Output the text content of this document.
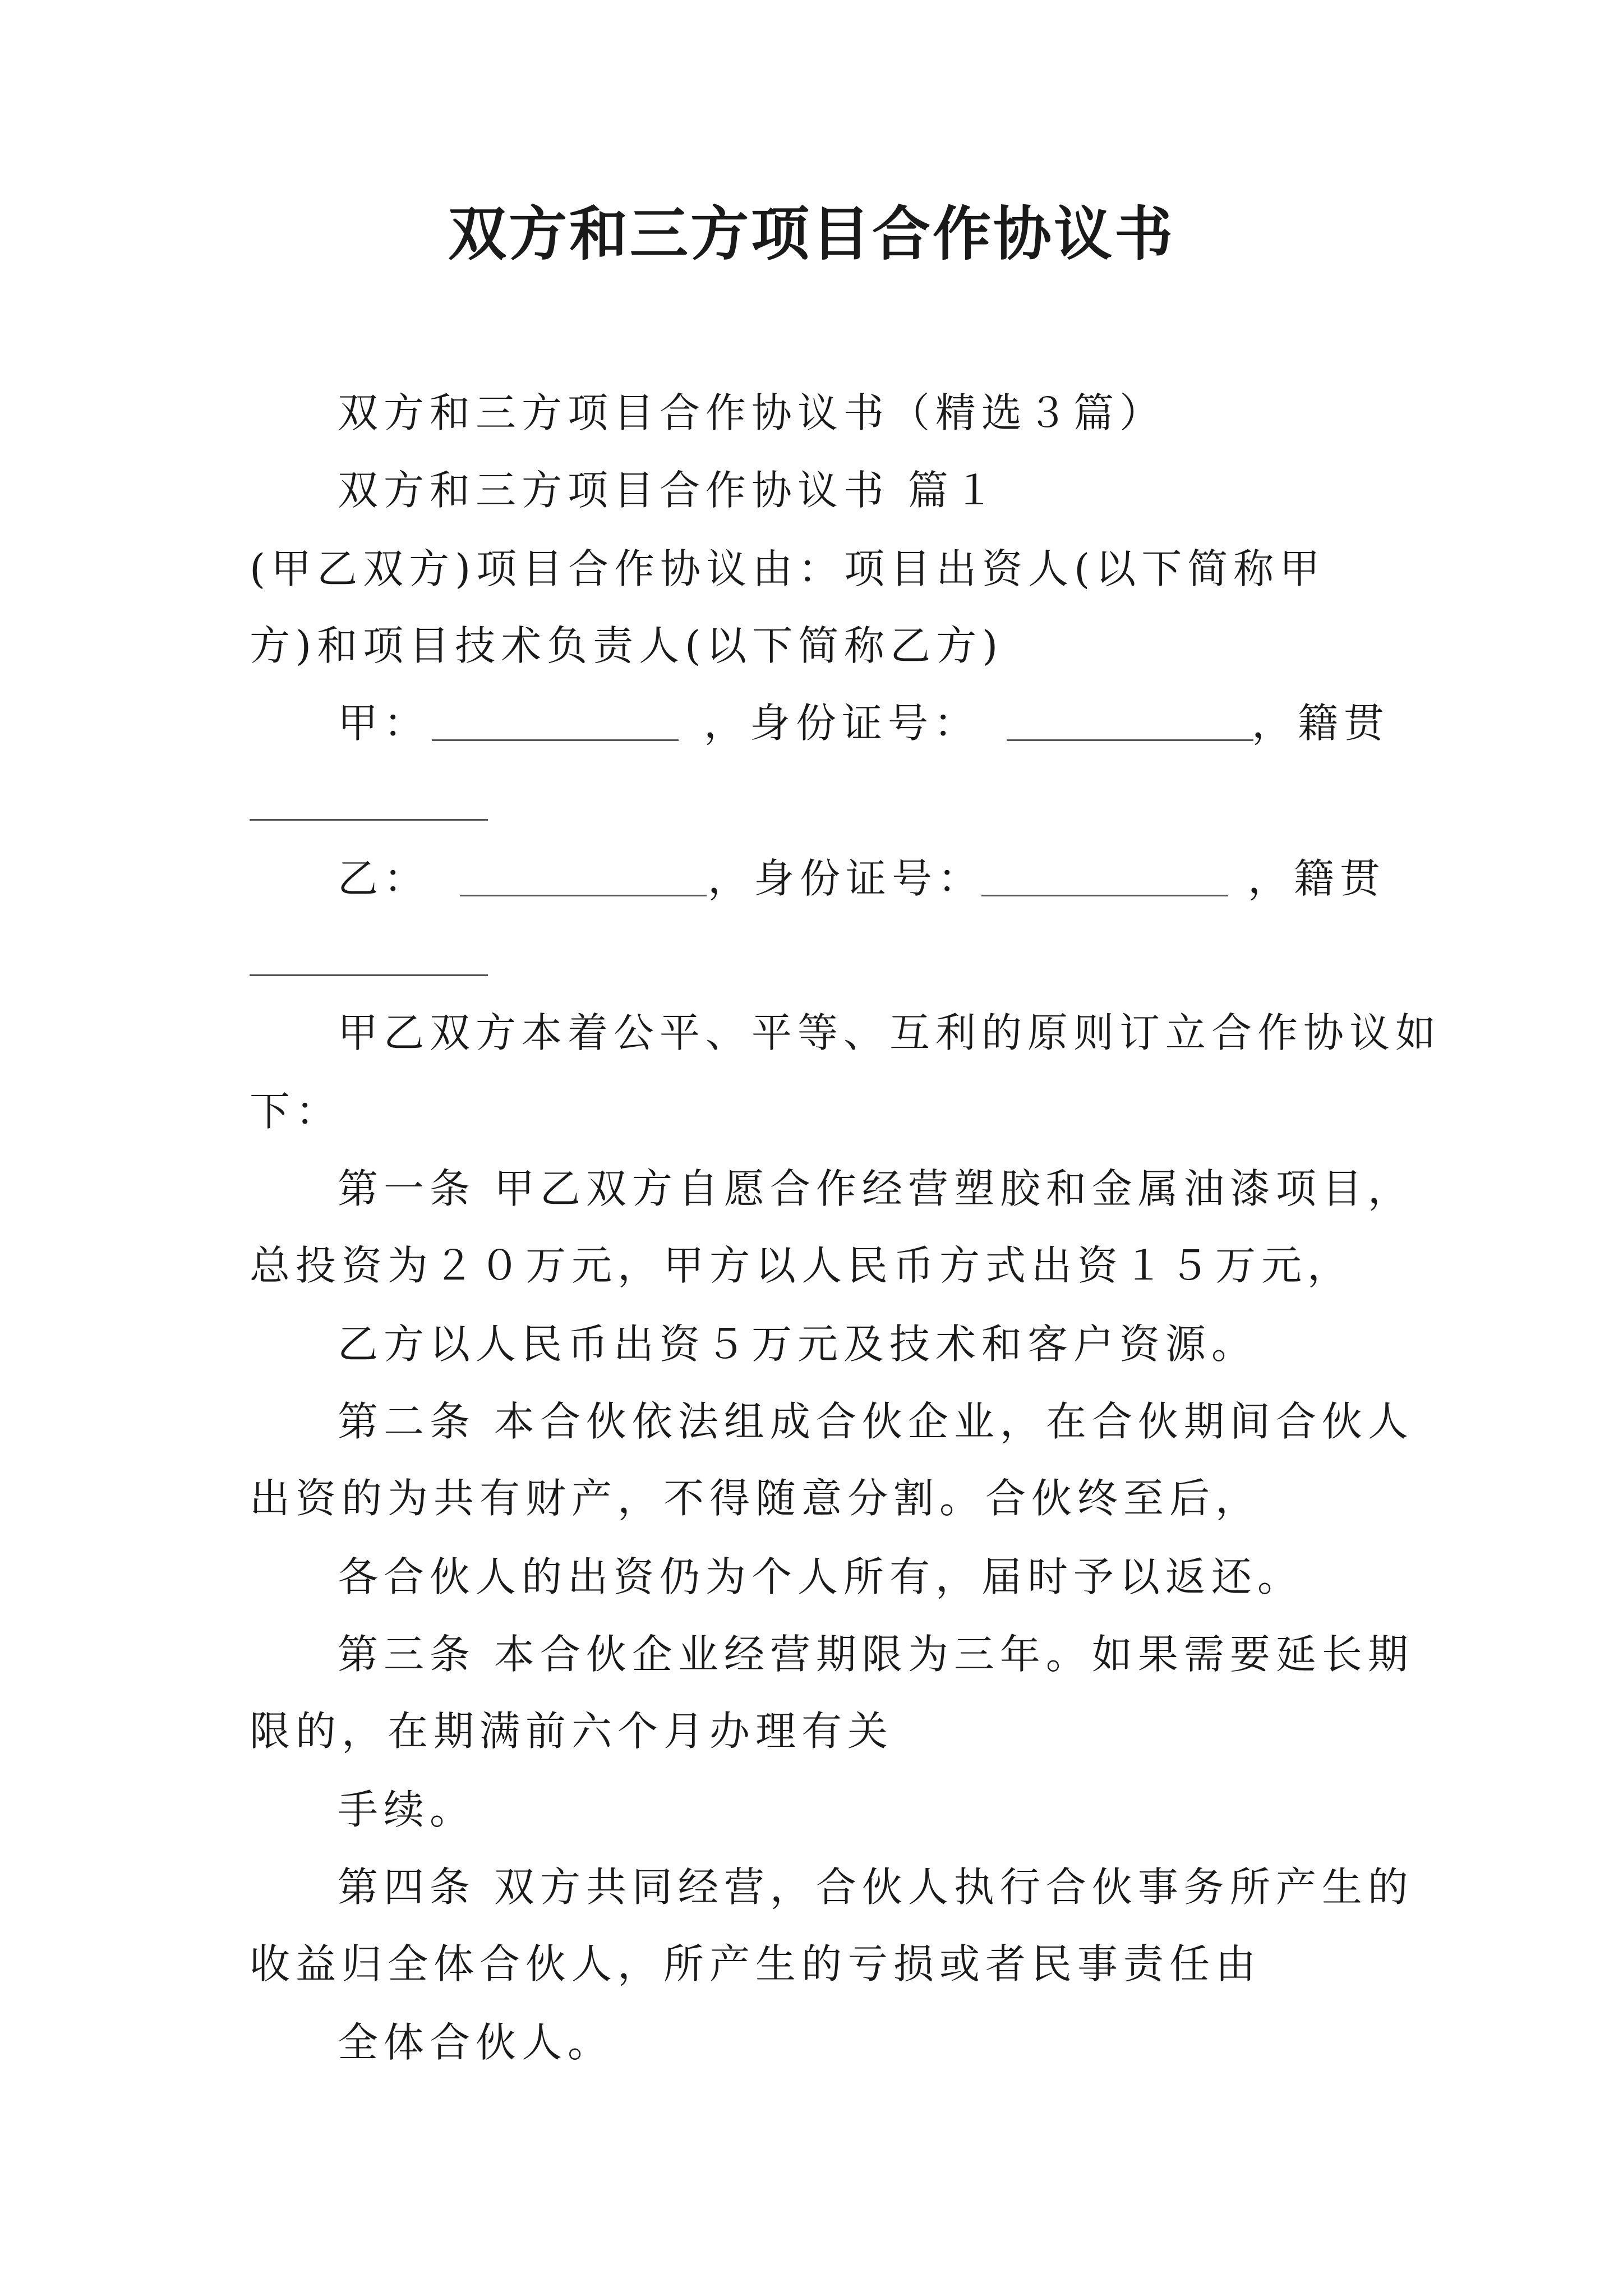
双方和三方项目合作协议书
双方和三方项目合作协议书（精选３篇）
双方和三方项目合作协议书 篇１
(甲乙双方)项目合作协议由：项目出资人(以下简称甲
方)和项目技术负责人(以下简称乙方)
甲：	，身份证号：	，籍贯
乙：	，身份证号：	，籍贯
甲乙双方本着公平、平等、互利的原则订立合作协议如
下：
第一条 甲乙双方自愿合作经营塑胶和金属油漆项目，
总投资为２０万元，甲方以人民币方式出资１５万元，
乙方以人民币出资５万元及技术和客户资源。
第二条 本合伙依法组成合伙企业，在合伙期间合伙人
出资的为共有财产，不得随意分割。合伙终至后，
各合伙人的出资仍为个人所有，届时予以返还。
第三条 本合伙企业经营期限为三年。如果需要延长期
限的，在期满前六个月办理有关
手续。
第四条 双方共同经营，合伙人执行合伙事务所产生的
收益归全体合伙人，所产生的亏损或者民事责任由
全体合伙人。
